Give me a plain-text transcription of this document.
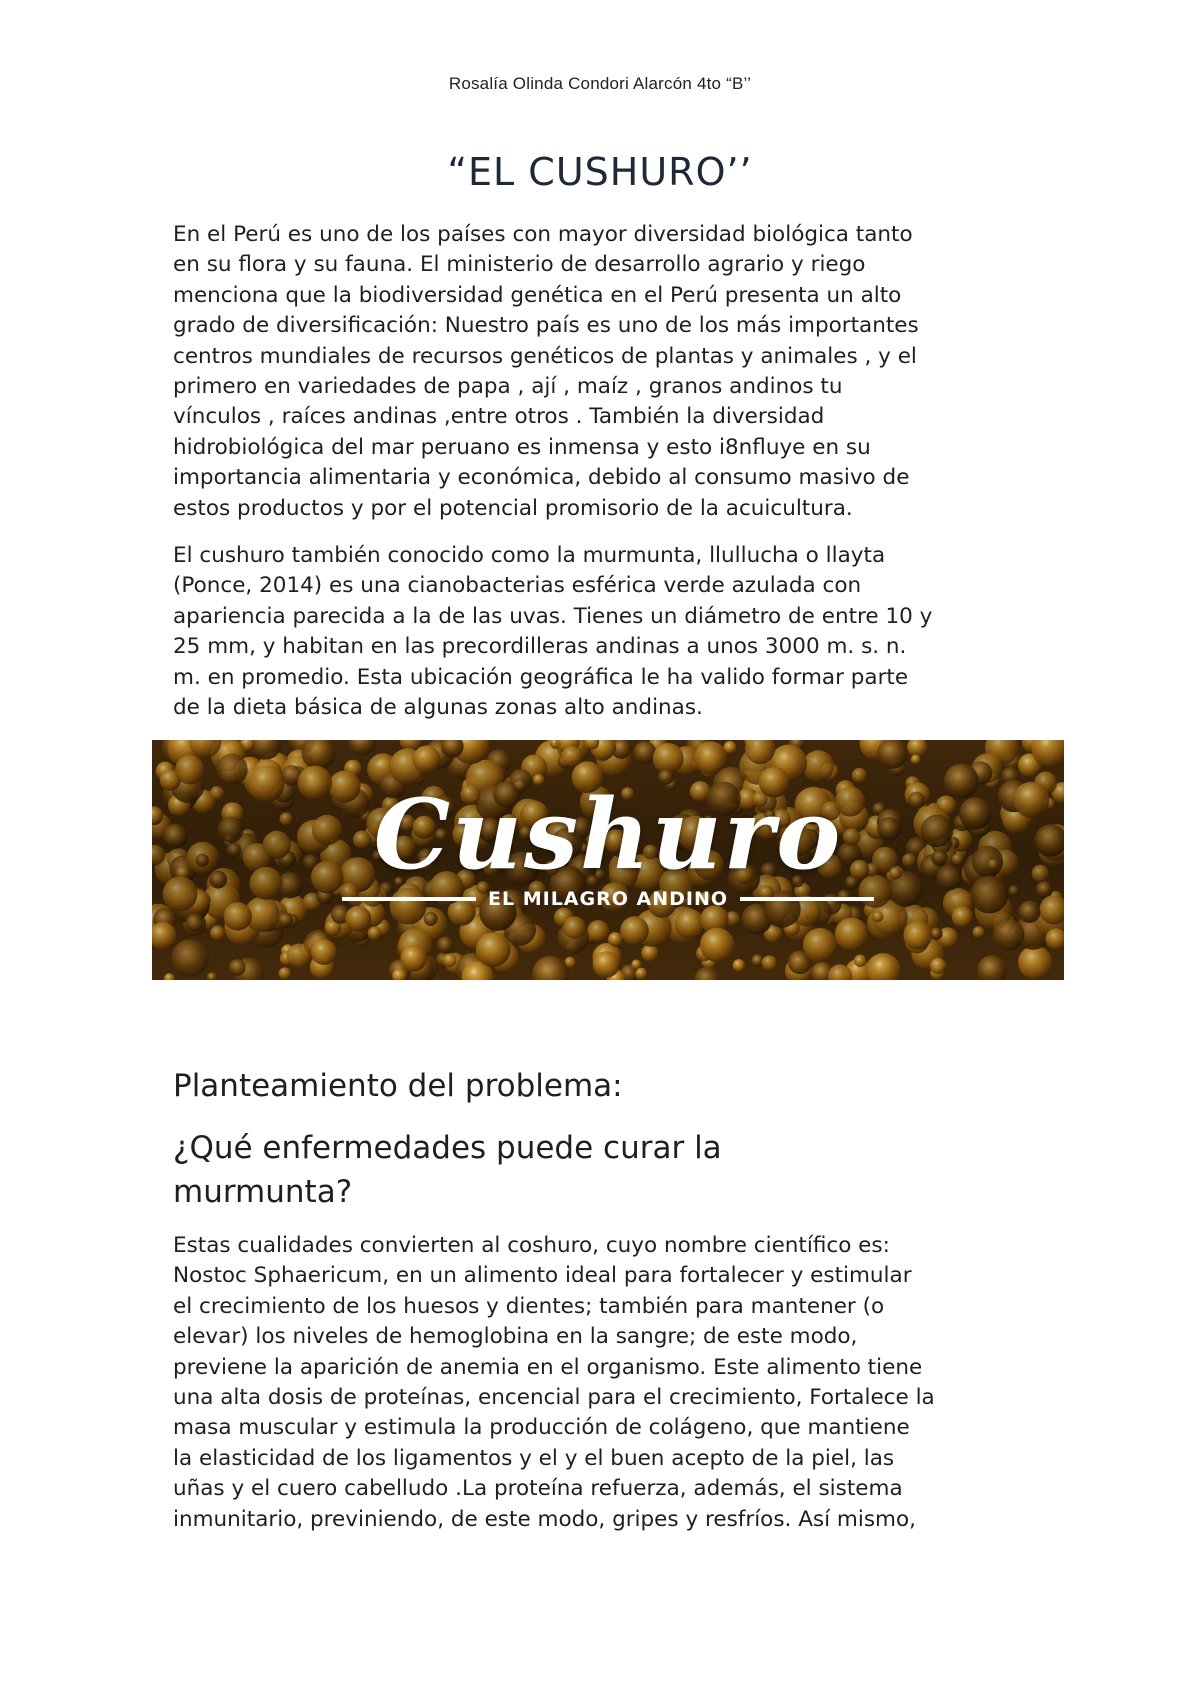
Rosalía Olinda Condori Alarcón 4to “B’’
“EL CUSHURO’’
En el Perú es uno de los países con mayor diversidad biológica tanto
en su flora y su fauna. El ministerio de desarrollo agrario y riego
menciona que la biodiversidad genética en el Perú presenta un alto
grado de diversificación: Nuestro país es uno de los más importantes
centros mundiales de recursos genéticos de plantas y animales , y el
primero en variedades de papa , ají , maíz , granos andinos tu
vínculos , raíces andinas ,entre otros . También la diversidad
hidrobiológica del mar peruano es inmensa y esto i8nfluye en su
importancia alimentaria y económica, debido al consumo masivo de
estos productos y por el potencial promisorio de la acuicultura.
El cushuro también conocido como la murmunta, llullucha o llayta
(Ponce, 2014) es una cianobacterias esférica verde azulada con
apariencia parecida a la de las uvas. Tienes un diámetro de entre 10 y
25 mm, y habitan en las precordilleras andinas a unos 3000 m. s. n.
m. en promedio. Esta ubicación geográfica le ha valido formar parte
de la dieta básica de algunas zonas alto andinas.
Cushuro
EL MILAGRO ANDINO
Planteamiento del problema:
¿Qué enfermedades puede curar la
murmunta?
Estas cualidades convierten al coshuro, cuyo nombre científico es:
Nostoc Sphaericum, en un alimento ideal para fortalecer y estimular
el crecimiento de los huesos y dientes; también para mantener (o
elevar) los niveles de hemoglobina en la sangre; de este modo,
previene la aparición de anemia en el organismo. Este alimento tiene
una alta dosis de proteínas, encencial para el crecimiento, Fortalece la
masa muscular y estimula la producción de colágeno, que mantiene
la elasticidad de los ligamentos y el y el buen acepto de la piel, las
uñas y el cuero cabelludo .La proteína refuerza, además, el sistema
inmunitario, previniendo, de este modo, gripes y resfríos. Así mismo,
